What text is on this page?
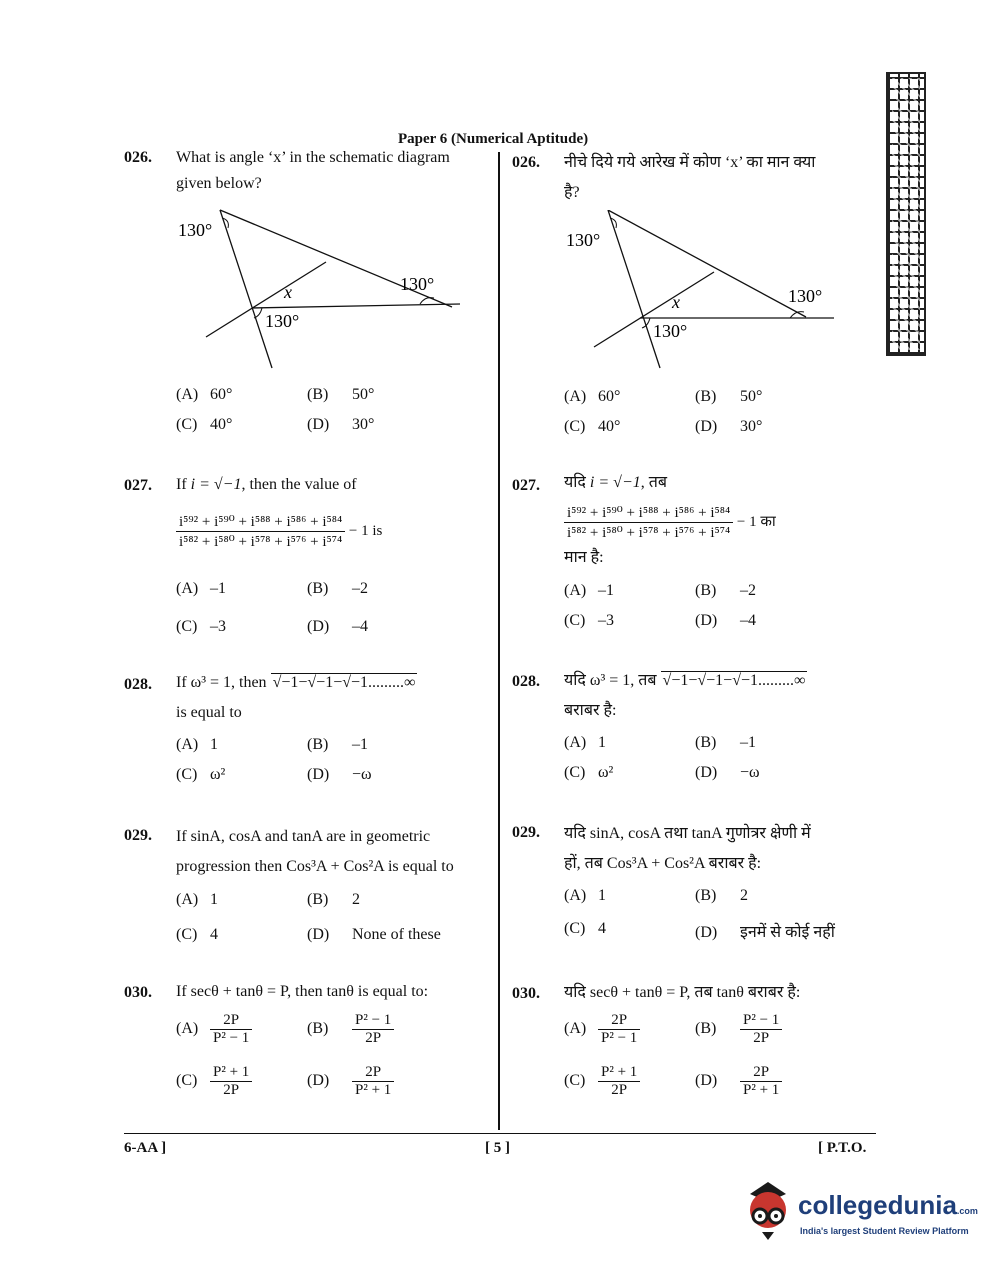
Paper 6 (Numerical Aptitude)
026. What is angle ‘x’ in the schematic diagram
given below?
130°
130°
130°
x
(A) 60°	(B) 50°
(C) 40°	(D) 30°
027. If i = √−1, then the value of
$\frac{\text{i⁵⁹² + i⁵⁹⁰ + i⁵⁸⁸ + i⁵⁸⁶ + i⁵⁸⁴}}{\text{i⁵⁸² + i⁵⁸⁰ + i⁵⁷⁸ + i⁵⁷⁶ + i⁵⁷⁴}} - 1$ is
(A) –1	(B) –2
(C) –3	(D) –4
028. If ω³ = 1, then √−1−√−1−√−1.........∞
is equal to
(A) 1	(B) –1
(C) ω²	(D) −ω
029. If sinA, cosA and tanA are in geometric
progression then Cos³A + Cos²A is equal to
(A) 1	(B) 2
(C) 4	(D) None of these
030. If secθ + tanθ = P, then tanθ is equal to:
$(A) \frac{2P}{\text{P² − 1}}$	$(B) \frac{\text{P² − 1}}{2P}$
$(C) \frac{\text{P² + 1}}{2P}$	$(D) \frac{2P}{\text{P² + 1}}$
026. नीचे दिये गये आरेख में कोण ‘x’ का मान क्या
है?
130°
130°
130°
x
(A) 60°	(B) 50°
(C) 40°	(D) 30°
027. यदि i = √−1, तब
$\frac{\text{i⁵⁹² + i⁵⁹⁰ + i⁵⁸⁸ + i⁵⁸⁶ + i⁵⁸⁴}}{\text{i⁵⁸² + i⁵⁸⁰ + i⁵⁷⁸ + i⁵⁷⁶ + i⁵⁷⁴}} - 1$ का
मान है:
(A) –1	(B) –2
(C) –3	(D) –4
028. यदि ω³ = 1, तब √−1−√−1−√−1.........∞
बराबर है:
(A) 1	(B) –1
(C) ω²	(D) −ω
029. यदि sinA, cosA तथा tanA गुणोत्रर क्षेणी में
हों, तब Cos³A + Cos²A बराबर है:
(A) 1	(B) 2
(C) 4	(D) इनमें से कोई नहीं
030. यदि secθ + tanθ = P, तब tanθ बराबर है:
$(A) \frac{2P}{\text{P² − 1}}$	$(B) \frac{\text{P² − 1}}{2P}$
$(C) \frac{\text{P² + 1}}{2P}$	$(D) \frac{2P}{\text{P² + 1}}$
6-AA ]	[ 5 ]	[ P.T.O.
collegedunia.com
India's largest Student Review Platform
